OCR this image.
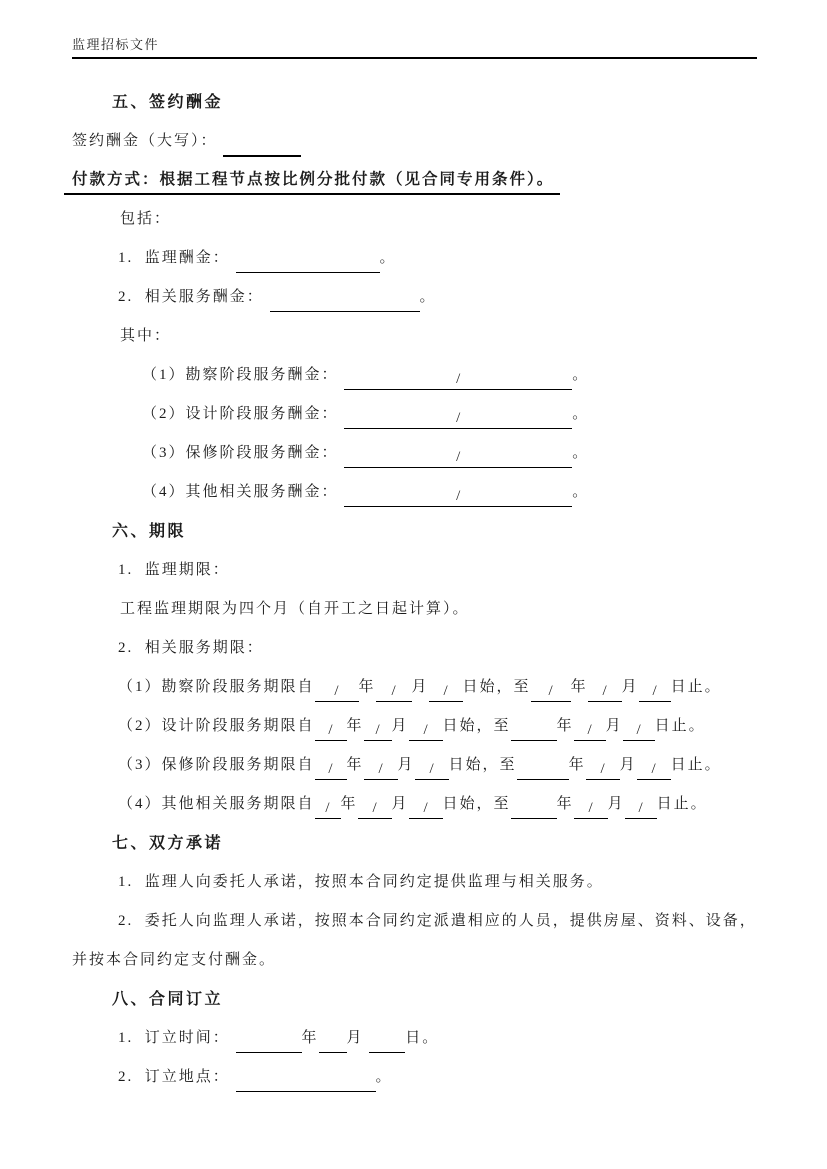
监理招标文件
五、签约酬金
签约酬金（大写）：
付款方式：根据工程节点按比例分批付款（见合同专用条件）。
包括：
1.  监理酬金：	。
2.  相关服务酬金：	。
其中：
（1）勘察阶段服务酬金：	/	。
（2）设计阶段服务酬金：	/	。
（3）保修阶段服务酬金：	/	。
（4）其他相关服务酬金：	/	。
六、期限
1.  监理期限：
工程监理期限为四个月（自开工之日起计算）。
2.  相关服务期限：
（1）勘察阶段服务期限自 / 年 / 月 / 日始，至 / 年 / 月 / 日止。
（2）设计阶段服务期限自 / 年 / 月 / 日始，至	年 / 月 / 日止。
（3）保修阶段服务期限自 / 年 / 月 / 日始，至	年 / 月 / 日止。
（4）其他相关服务期限自 / 年 / 月 / 日始，至	年 / 月 / 日止。
七、双方承诺
1.  监理人向委托人承诺，按照本合同约定提供监理与相关服务。
2.  委托人向监理人承诺，按照本合同约定派遣相应的人员，提供房屋、资料、设备，
并按本合同约定支付酬金。
八、合同订立
1.  订立时间：	年 月  日。
2.  订立地点：	。
